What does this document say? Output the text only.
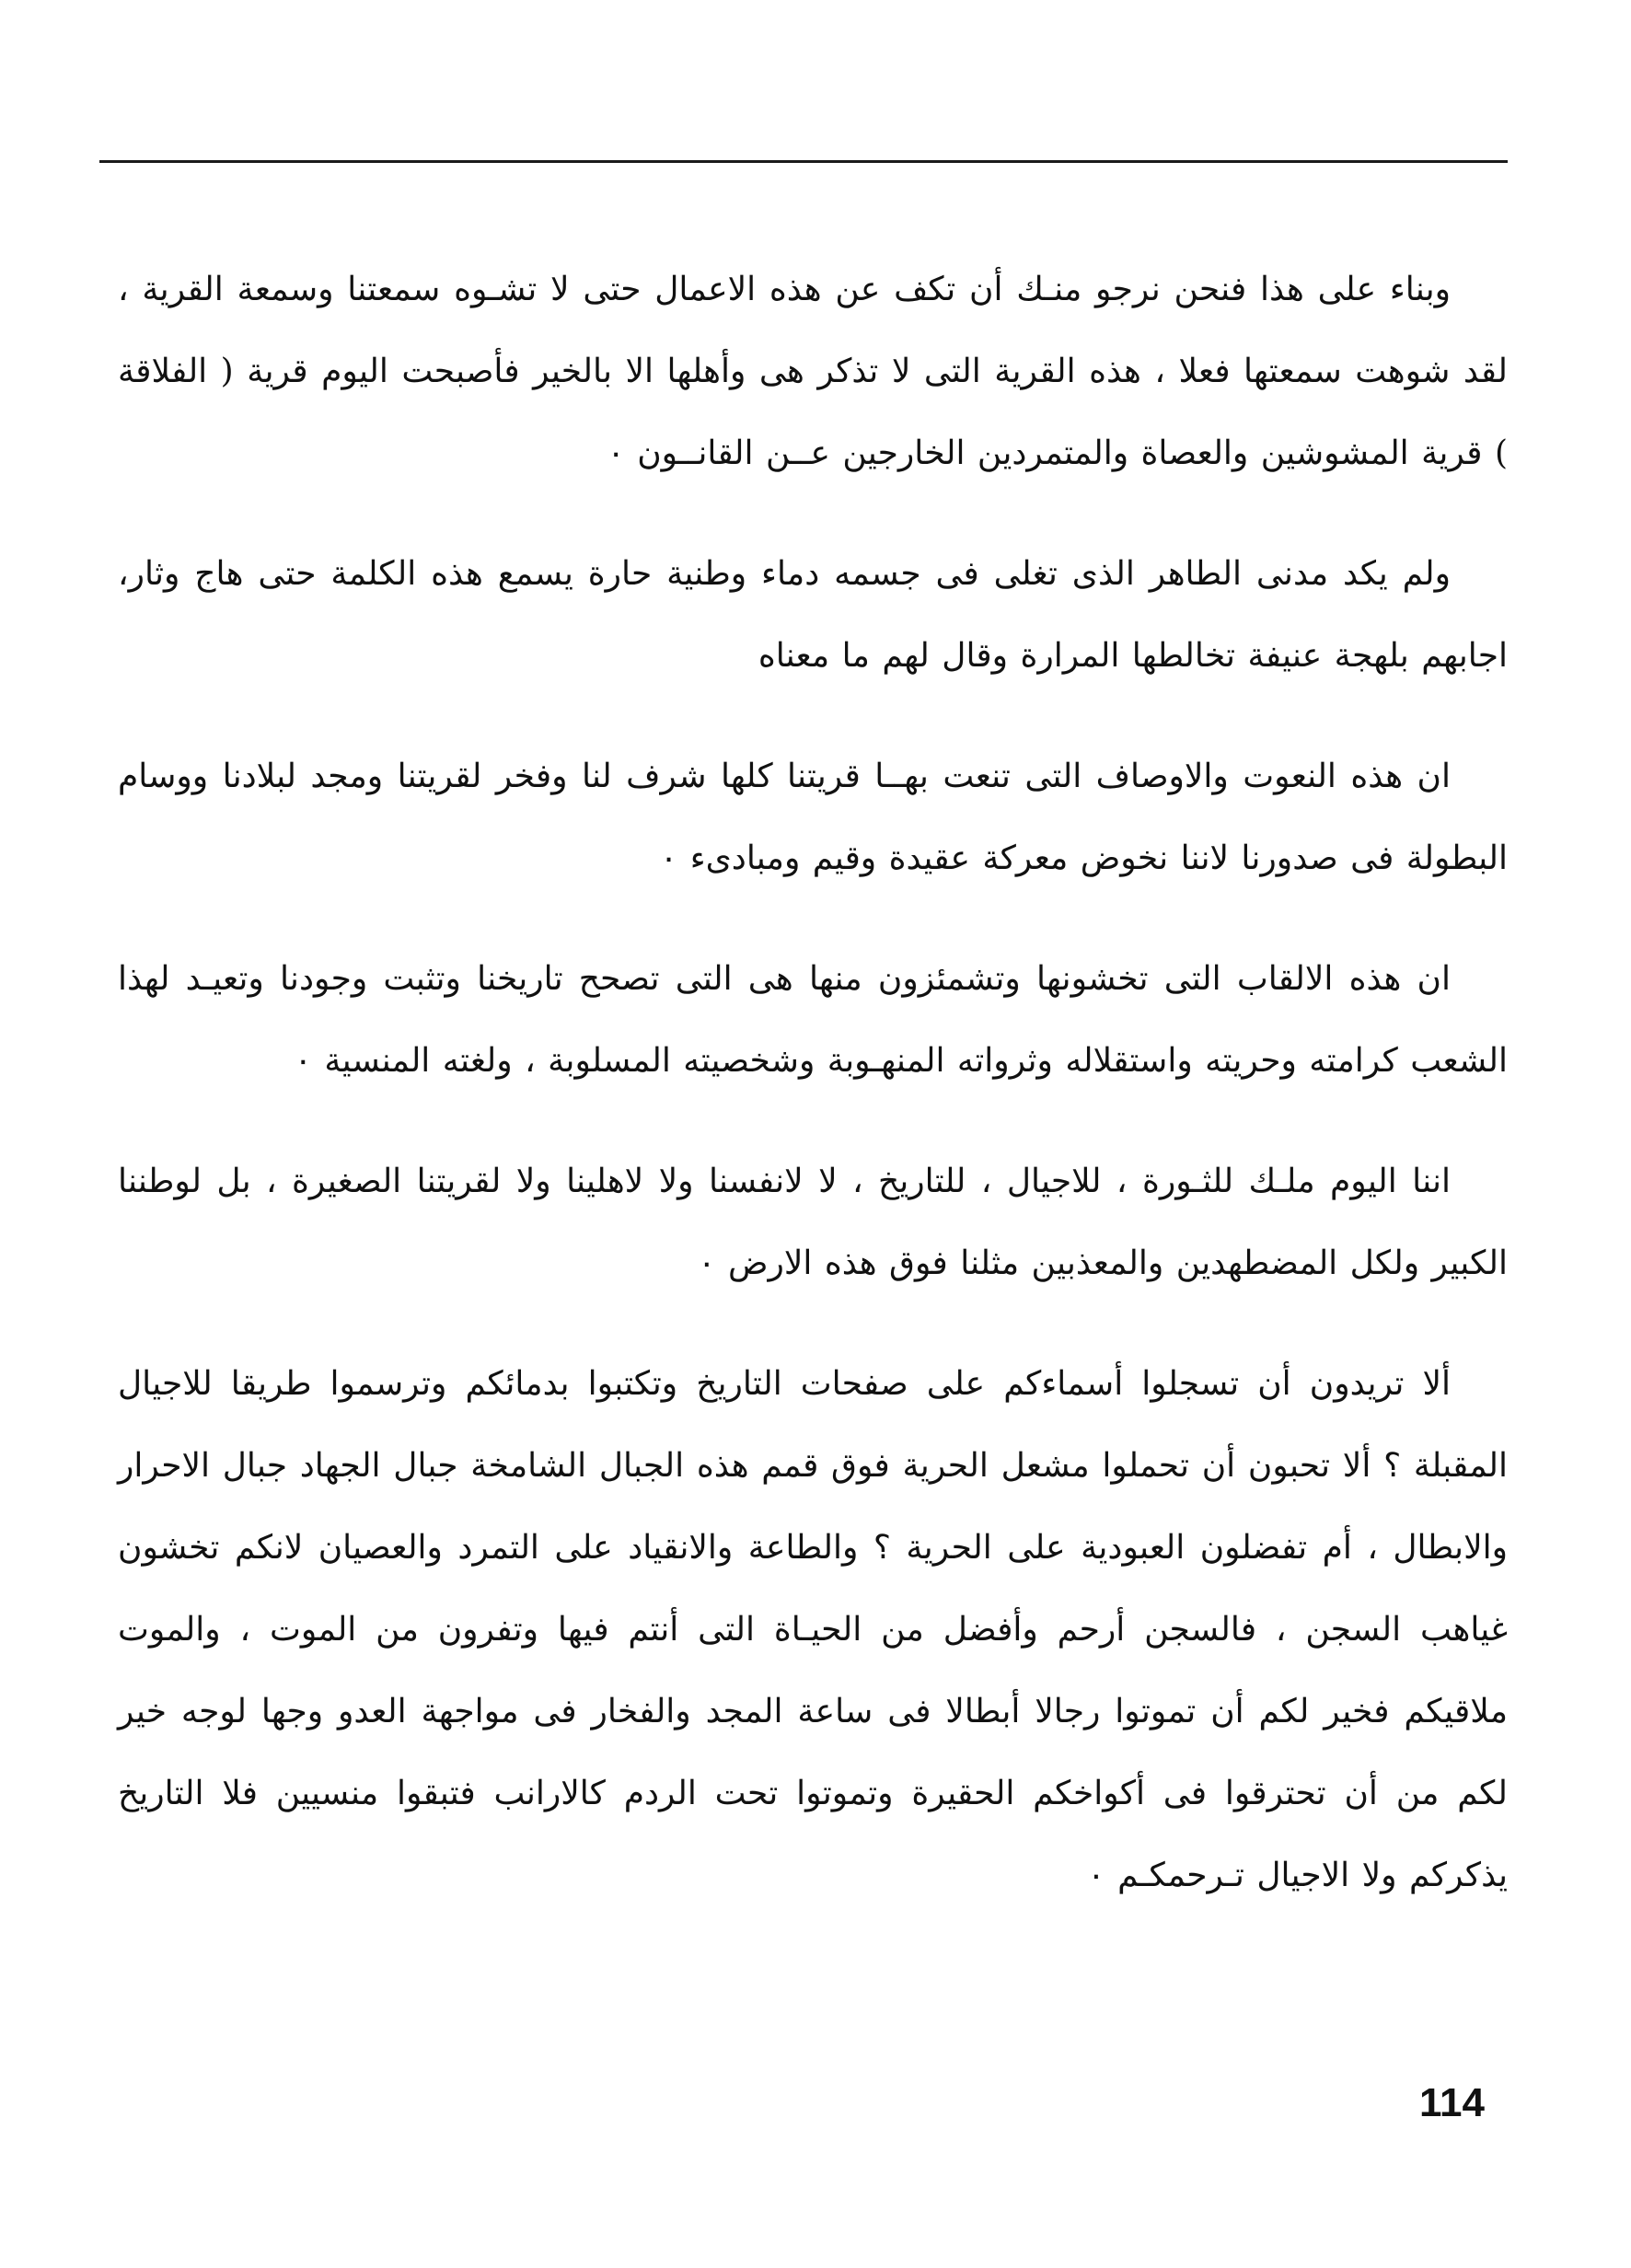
وبناء على هذا فنحن نرجو منـك أن تكف عن هذه الاعمال حتى لا تشـوه سمعتنا وسمعة القرية ، لقد شوهت سمعتها فعلا ، هذه القرية التى لا تذكر هى وأهلها الا بالخير فأصبحت اليوم قرية ( الفلاقة ) قرية المشوشين والعصاة والمتمردين الخارجين عــن القانــون ٠

ولم يكد مدنى الطاهر الذى تغلى فى جسمه دماء وطنية حارة يسمع هذه الكلمة حتى هاج وثار، اجابهم بلهجة عنيفة تخالطها المرارة وقال لهم ما معناه

ان هذه النعوت والاوصاف التى تنعت بهــا قريتنا كلها شرف لنا وفخر لقريتنا ومجد لبلادنا ووسام البطولة فى صدورنا لاننا نخوض معركة عقيدة وقيم ومبادىء ٠

ان هذه الالقاب التى تخشونها وتشمئزون منها هى التى تصحح تاريخنا وتثبت وجودنا وتعيـد لهذا الشعب كرامته وحريته واستقلاله وثرواته المنهـوبة وشخصيته المسلوبة ، ولغته المنسية ٠

اننا اليوم ملـك للثـورة ، للاجيال ، للتاريخ ، لا لانفسنا ولا لاهلينا ولا لقريتنا الصغيرة ، بل لوطننا الكبير ولكل المضطهدين والمعذبين مثلنا فوق هذه الارض ٠

ألا تريدون أن تسجلوا أسماءكم على صفحات التاريخ وتكتبوا بدمائكم وترسموا طريقا للاجيال المقبلة ؟ ألا تحبون أن تحملوا مشعل الحرية فوق قمم هذه الجبال الشامخة جبال الجهاد جبال الاحرار والابطال ، أم تفضلون العبودية على الحرية ؟ والطاعة والانقياد على التمرد والعصيان لانكم تخشون غياهب السجن ، فالسجن أرحم وأفضل من الحيـاة التى أنتم فيها وتفرون من الموت ، والموت ملاقيكم فخير لكم أن تموتوا رجالا أبطالا فى ساعة المجد والفخار فى مواجهة العدو وجها لوجه خير لكم من أن تحترقوا فى أكواخكم الحقيرة وتموتوا تحت الردم كالارانب فتبقوا منسيين فلا التاريخ يذكركم ولا الاجيال تـرحمكـم ٠

114
